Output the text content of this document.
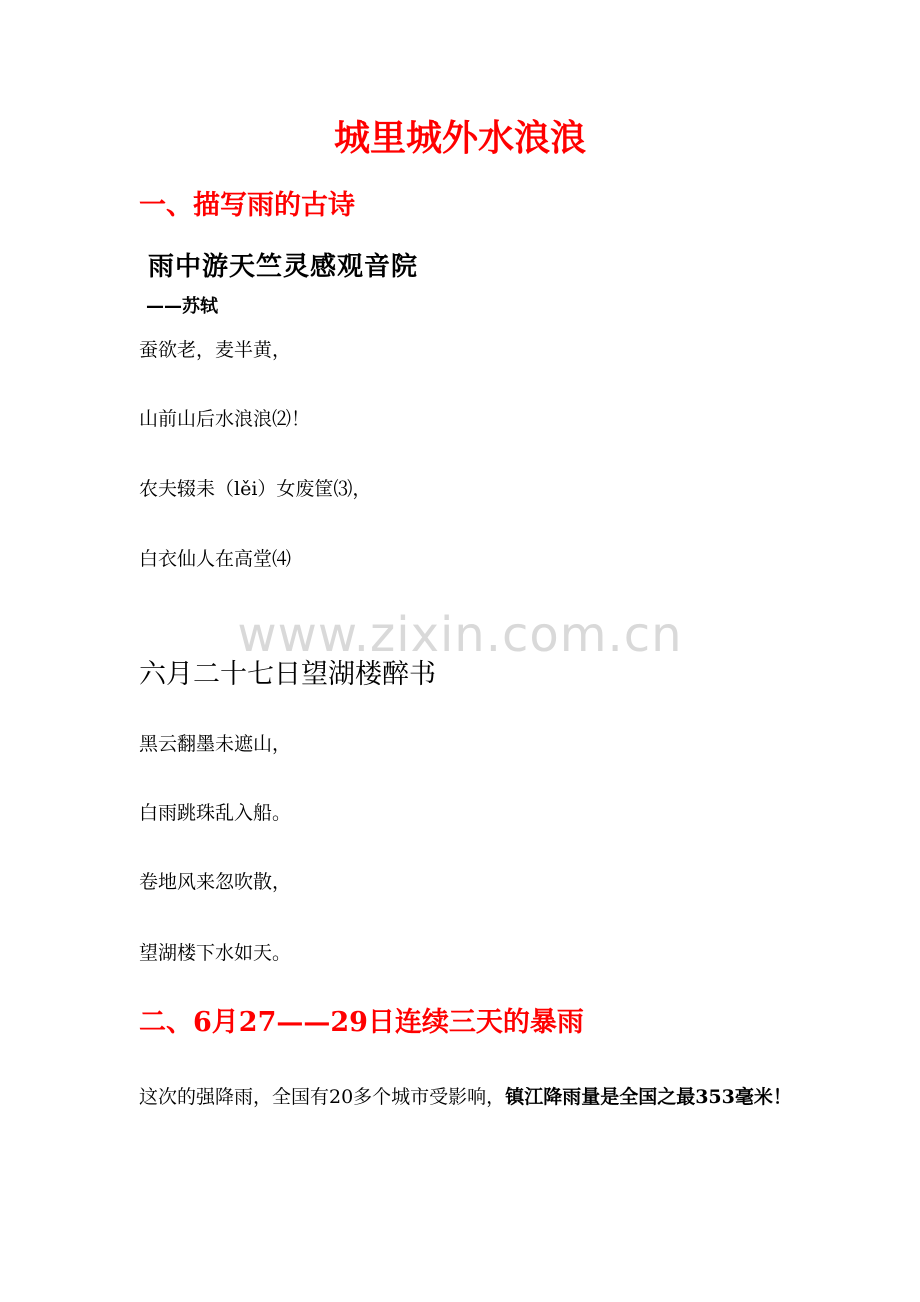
www.zixin.com.cn
城里城外水浪浪
一、描写雨的古诗
雨中游天竺灵感观音院
——苏轼
蚕欲老，麦半黄，
山前山后水浪浪⑵！
农夫辍耒（lěi）女废筐⑶，
白衣仙人在高堂⑷
六月二十七日望湖楼醉书
黑云翻墨未遮山，
白雨跳珠乱入船。
卷地风来忽吹散，
望湖楼下水如天。
二、6月27——29日连续三天的暴雨
这次的强降雨，全国有20多个城市受影响，镇江降雨量是全国之最353毫米！
